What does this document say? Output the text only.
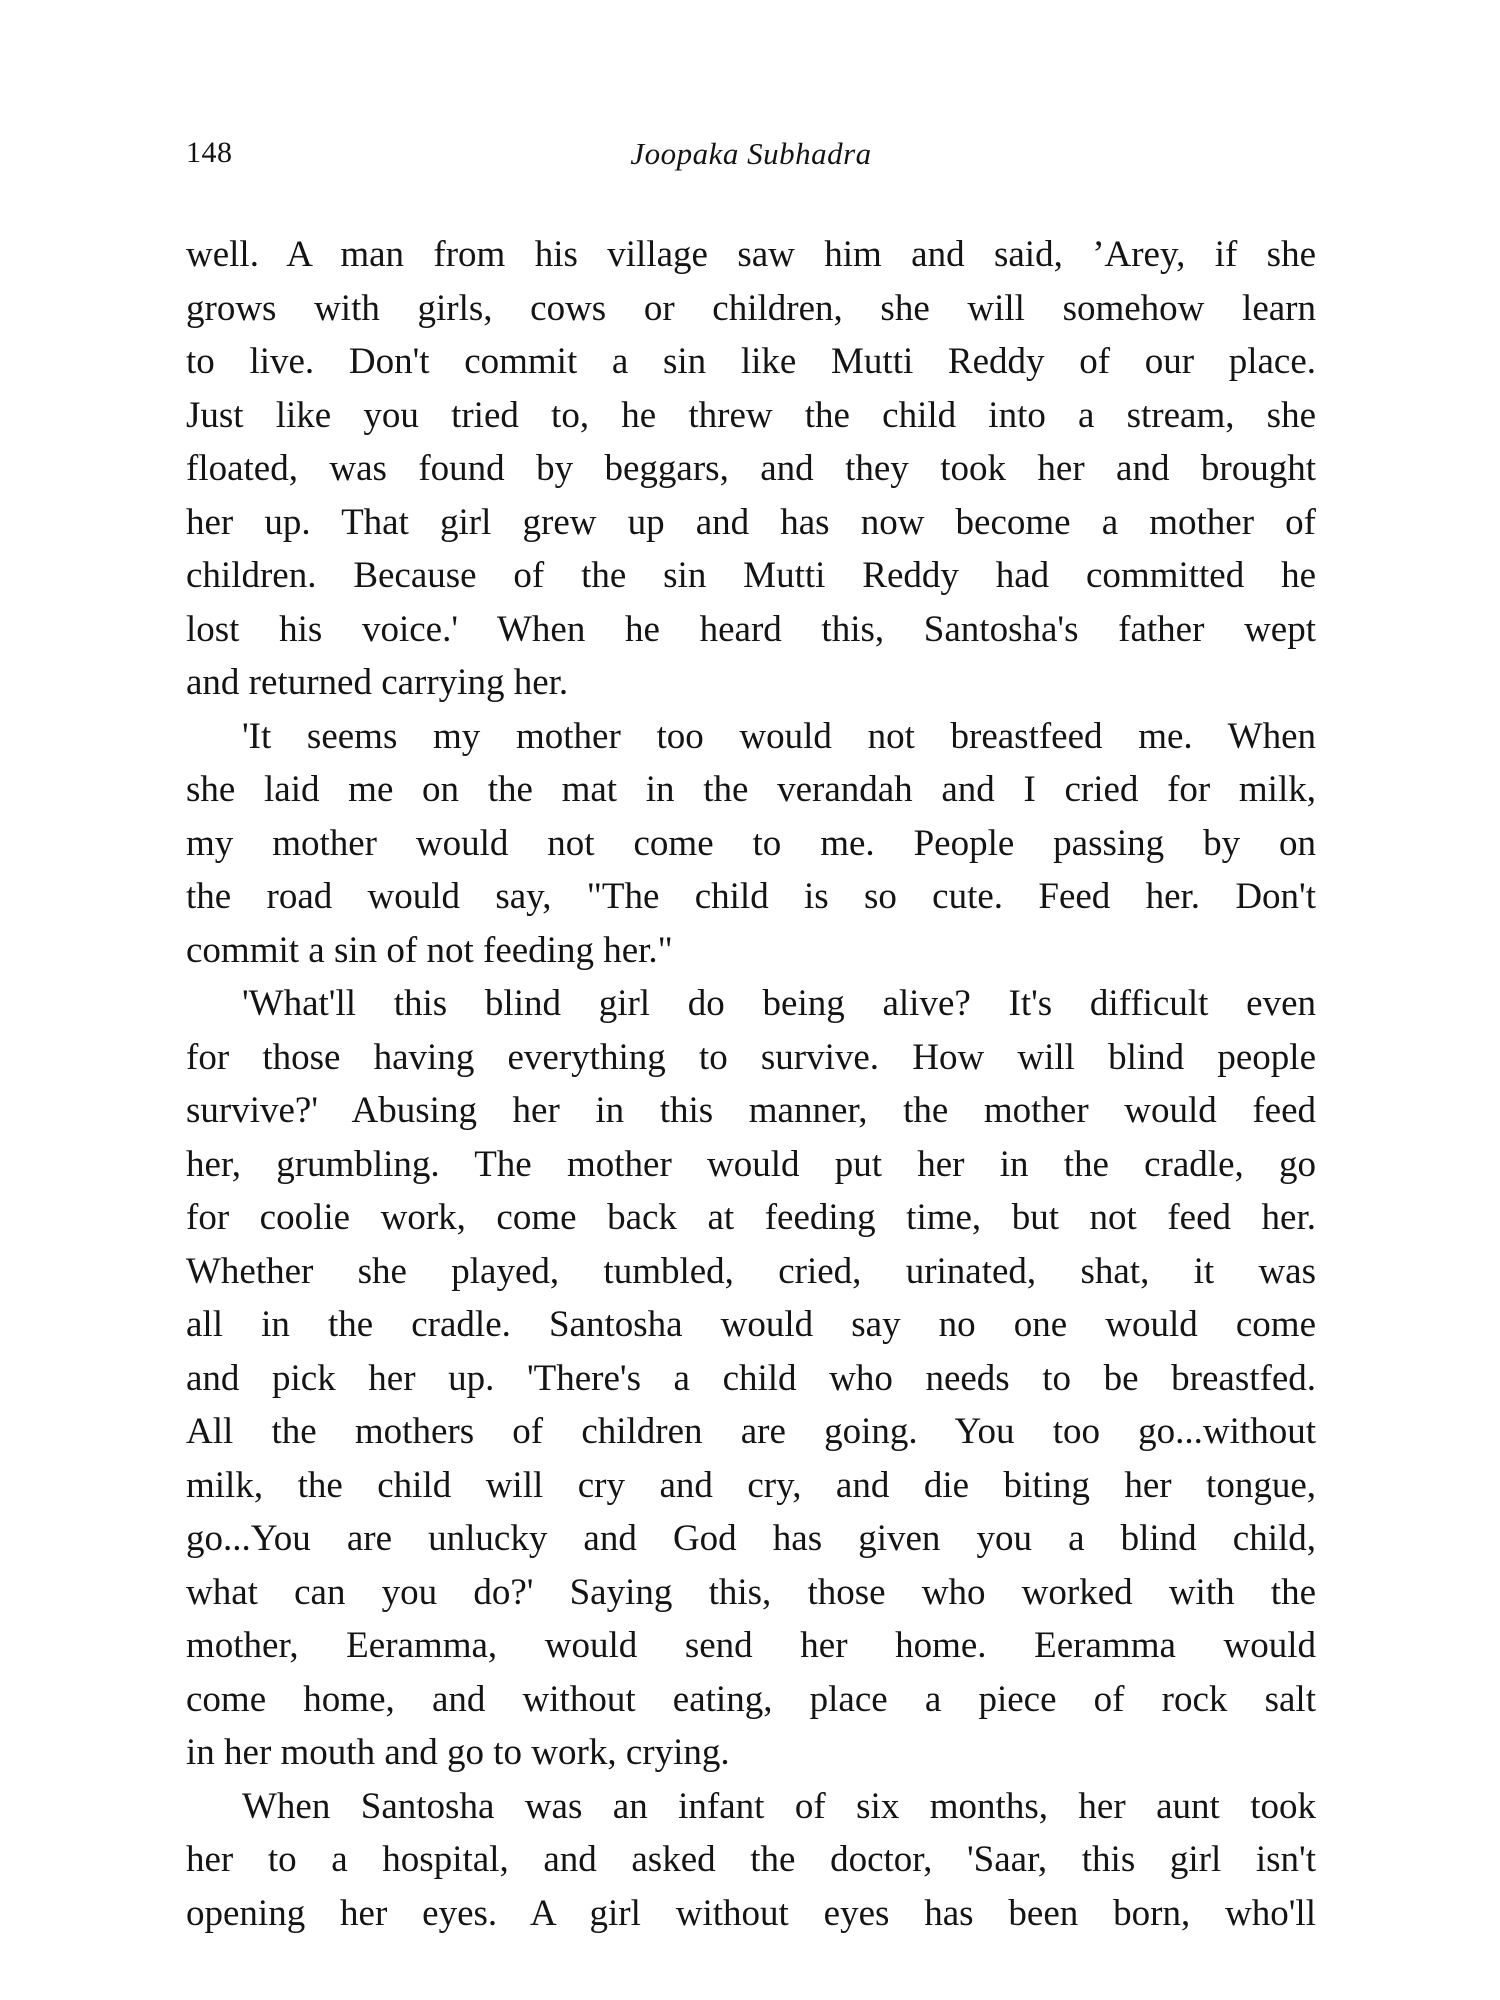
148	Joopaka Subhadra
well. A man from his village saw him and said, ’Arey, if she
grows with girls, cows or children, she will somehow learn
to live. Don't commit a sin like Mutti Reddy of our place.
Just like you tried to, he threw the child into a stream, she
floated, was found by beggars, and they took her and brought
her up. That girl grew up and has now become a mother of
children. Because of the sin Mutti Reddy had committed he
lost his voice.' When he heard this, Santosha's father wept
and returned carrying her.
'It seems my mother too would not breastfeed me. When
she laid me on the mat in the verandah and I cried for milk,
my mother would not come to me. People passing by on
the road would say, "The child is so cute. Feed her. Don't
commit a sin of not feeding her."
'What'll this blind girl do being alive? It's difficult even
for those having everything to survive. How will blind people
survive?' Abusing her in this manner, the mother would feed
her, grumbling. The mother would put her in the cradle, go
for coolie work, come back at feeding time, but not feed her.
Whether she played, tumbled, cried, urinated, shat, it was
all in the cradle. Santosha would say no one would come
and pick her up. 'There's a child who needs to be breastfed.
All the mothers of children are going. You too go...without
milk, the child will cry and cry, and die biting her tongue,
go...You are unlucky and God has given you a blind child,
what can you do?' Saying this, those who worked with the
mother, Eeramma, would send her home. Eeramma would
come home, and without eating, place a piece of rock salt
in her mouth and go to work, crying.
When Santosha was an infant of six months, her aunt took
her to a hospital, and asked the doctor, 'Saar, this girl isn't
opening her eyes. A girl without eyes has been born, who'll
